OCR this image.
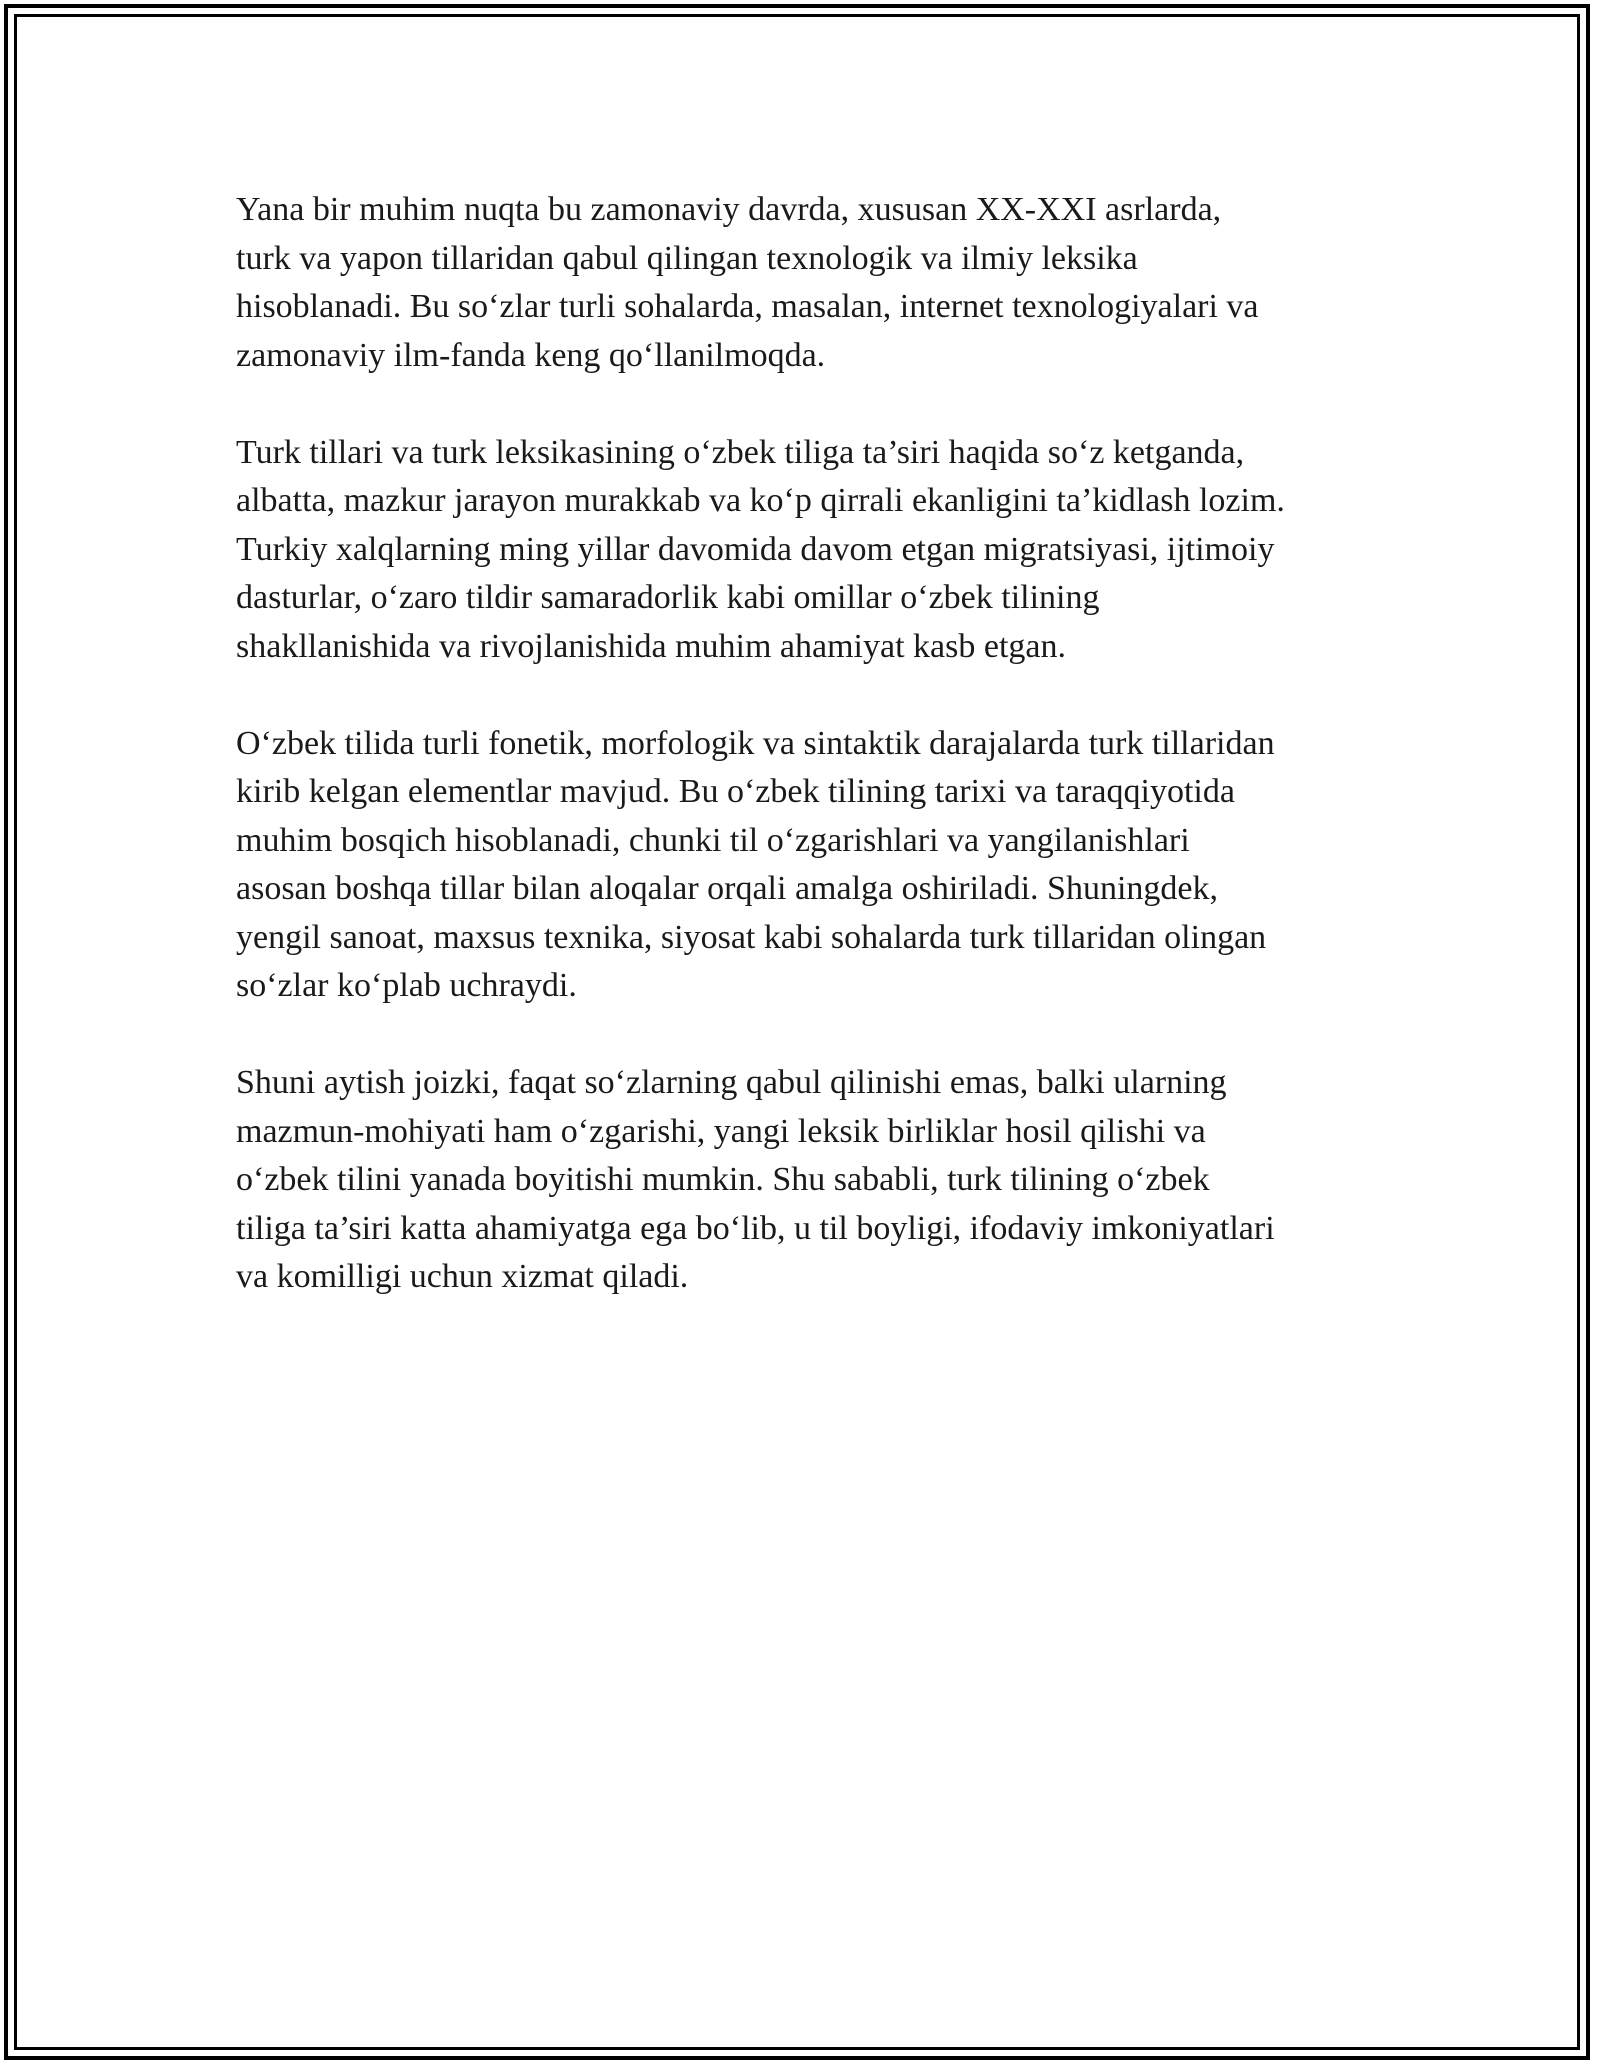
Yana bir muhim nuqta bu zamonaviy davrda, xususan XX-XXI asrlarda,
turk va yapon tillaridan qabul qilingan texnologik va ilmiy leksika
hisoblanadi. Bu so‘zlar turli sohalarda, masalan, internet texnologiyalari va
zamonaviy ilm-fanda keng qo‘llanilmoqda.

Turk tillari va turk leksikasining o‘zbek tiliga ta’siri haqida so‘z ketganda,
albatta, mazkur jarayon murakkab va ko‘p qirrali ekanligini ta’kidlash lozim.
Turkiy xalqlarning ming yillar davomida davom etgan migratsiyasi, ijtimoiy
dasturlar, o‘zaro tildir samaradorlik kabi omillar o‘zbek tilining
shakllanishida va rivojlanishida muhim ahamiyat kasb etgan.

O‘zbek tilida turli fonetik, morfologik va sintaktik darajalarda turk tillaridan
kirib kelgan elementlar mavjud. Bu o‘zbek tilining tarixi va taraqqiyotida
muhim bosqich hisoblanadi, chunki til o‘zgarishlari va yangilanishlari
asosan boshqa tillar bilan aloqalar orqali amalga oshiriladi. Shuningdek,
yengil sanoat, maxsus texnika, siyosat kabi sohalarda turk tillaridan olingan
so‘zlar ko‘plab uchraydi.

Shuni aytish joizki, faqat so‘zlarning qabul qilinishi emas, balki ularning
mazmun-mohiyati ham o‘zgarishi, yangi leksik birliklar hosil qilishi va
o‘zbek tilini yanada boyitishi mumkin. Shu sababli, turk tilining o‘zbek
tiliga ta’siri katta ahamiyatga ega bo‘lib, u til boyligi, ifodaviy imkoniyatlari
va komilligi uchun xizmat qiladi.
